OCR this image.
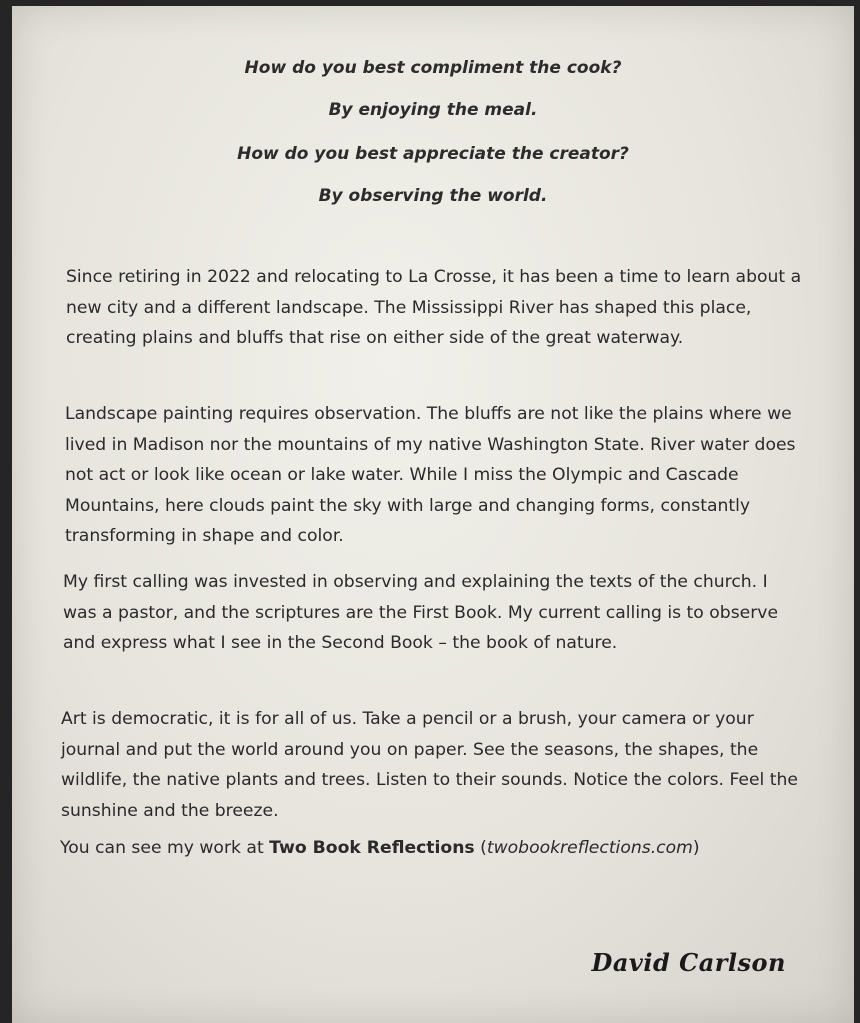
How do you best compliment the cook?

By enjoying the meal.

How do you best appreciate the creator?

By observing the world.

Since retiring in 2022 and relocating to La Crosse, it has been a time to learn about a new city and a different landscape. The Mississippi River has shaped this place, creating plains and bluffs that rise on either side of the great waterway.

Landscape painting requires observation. The bluffs are not like the plains where we lived in Madison nor the mountains of my native Washington State. River water does not act or look like ocean or lake water. While I miss the Olympic and Cascade Mountains, here clouds paint the sky with large and changing forms, constantly transforming in shape and color.

My first calling was invested in observing and explaining the texts of the church. I was a pastor, and the scriptures are the First Book. My current calling is to observe and express what I see in the Second Book – the book of nature.

Art is democratic, it is for all of us. Take a pencil or a brush, your camera or your journal and put the world around you on paper. See the seasons, the shapes, the wildlife, the native plants and trees. Listen to their sounds. Notice the colors. Feel the sunshine and the breeze.

You can see my work at Two Book Reflections (twobookreflections.com)

David Carlson
